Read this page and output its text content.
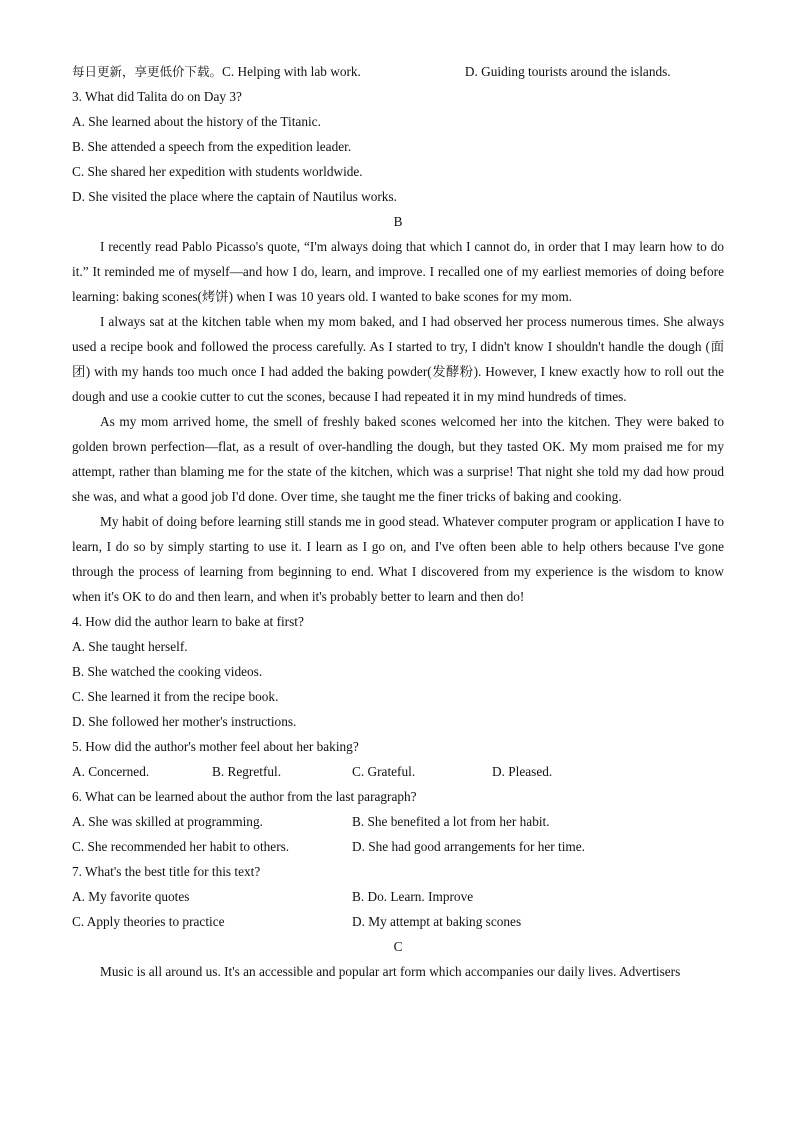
每日更新，享更低价下载。C. Helping with lab work.	D. Guiding tourists around the islands.
3. What did Talita do on Day 3?
A. She learned about the history of the Titanic.
B. She attended a speech from the expedition leader.
C. She shared her expedition with students worldwide.
D. She visited the place where the captain of Nautilus works.
B
I recently read Pablo Picasso's quote, “I'm always doing that which I cannot do, in order that I may learn how to do it.” It reminded me of myself—and how I do, learn, and improve. I recalled one of my earliest memories of doing before learning: baking scones(烤饼) when I was 10 years old. I wanted to bake scones for my mom.
I always sat at the kitchen table when my mom baked, and I had observed her process numerous times. She always used a recipe book and followed the process carefully. As I started to try, I didn't know I shouldn't handle the dough (面团) with my hands too much once I had added the baking powder(发酵粉). However, I knew exactly how to roll out the dough and use a cookie cutter to cut the scones, because I had repeated it in my mind hundreds of times.
As my mom arrived home, the smell of freshly baked scones welcomed her into the kitchen. They were baked to golden brown perfection—flat, as a result of over-handling the dough, but they tasted OK. My mom praised me for my attempt, rather than blaming me for the state of the kitchen, which was a surprise! That night she told my dad how proud she was, and what a good job I'd done. Over time, she taught me the finer tricks of baking and cooking.
My habit of doing before learning still stands me in good stead. Whatever computer program or application I have to learn, I do so by simply starting to use it. I learn as I go on, and I've often been able to help others because I've gone through the process of learning from beginning to end. What I discovered from my experience is the wisdom to know when it's OK to do and then learn, and when it's probably better to learn and then do!
4. How did the author learn to bake at first?
A. She taught herself.
B. She watched the cooking videos.
C. She learned it from the recipe book.
D. She followed her mother's instructions.
5. How did the author's mother feel about her baking?
A. Concerned.	B. Regretful.	C. Grateful.	D. Pleased.
6. What can be learned about the author from the last paragraph?
A. She was skilled at programming.	B. She benefited a lot from her habit.
C. She recommended her habit to others.	D. She had good arrangements for her time.
7. What's the best title for this text?
A. My favorite quotes	B. Do. Learn. Improve
C. Apply theories to practice	D. My attempt at baking scones
C
Music is all around us. It's an accessible and popular art form which accompanies our daily lives. Advertisers
